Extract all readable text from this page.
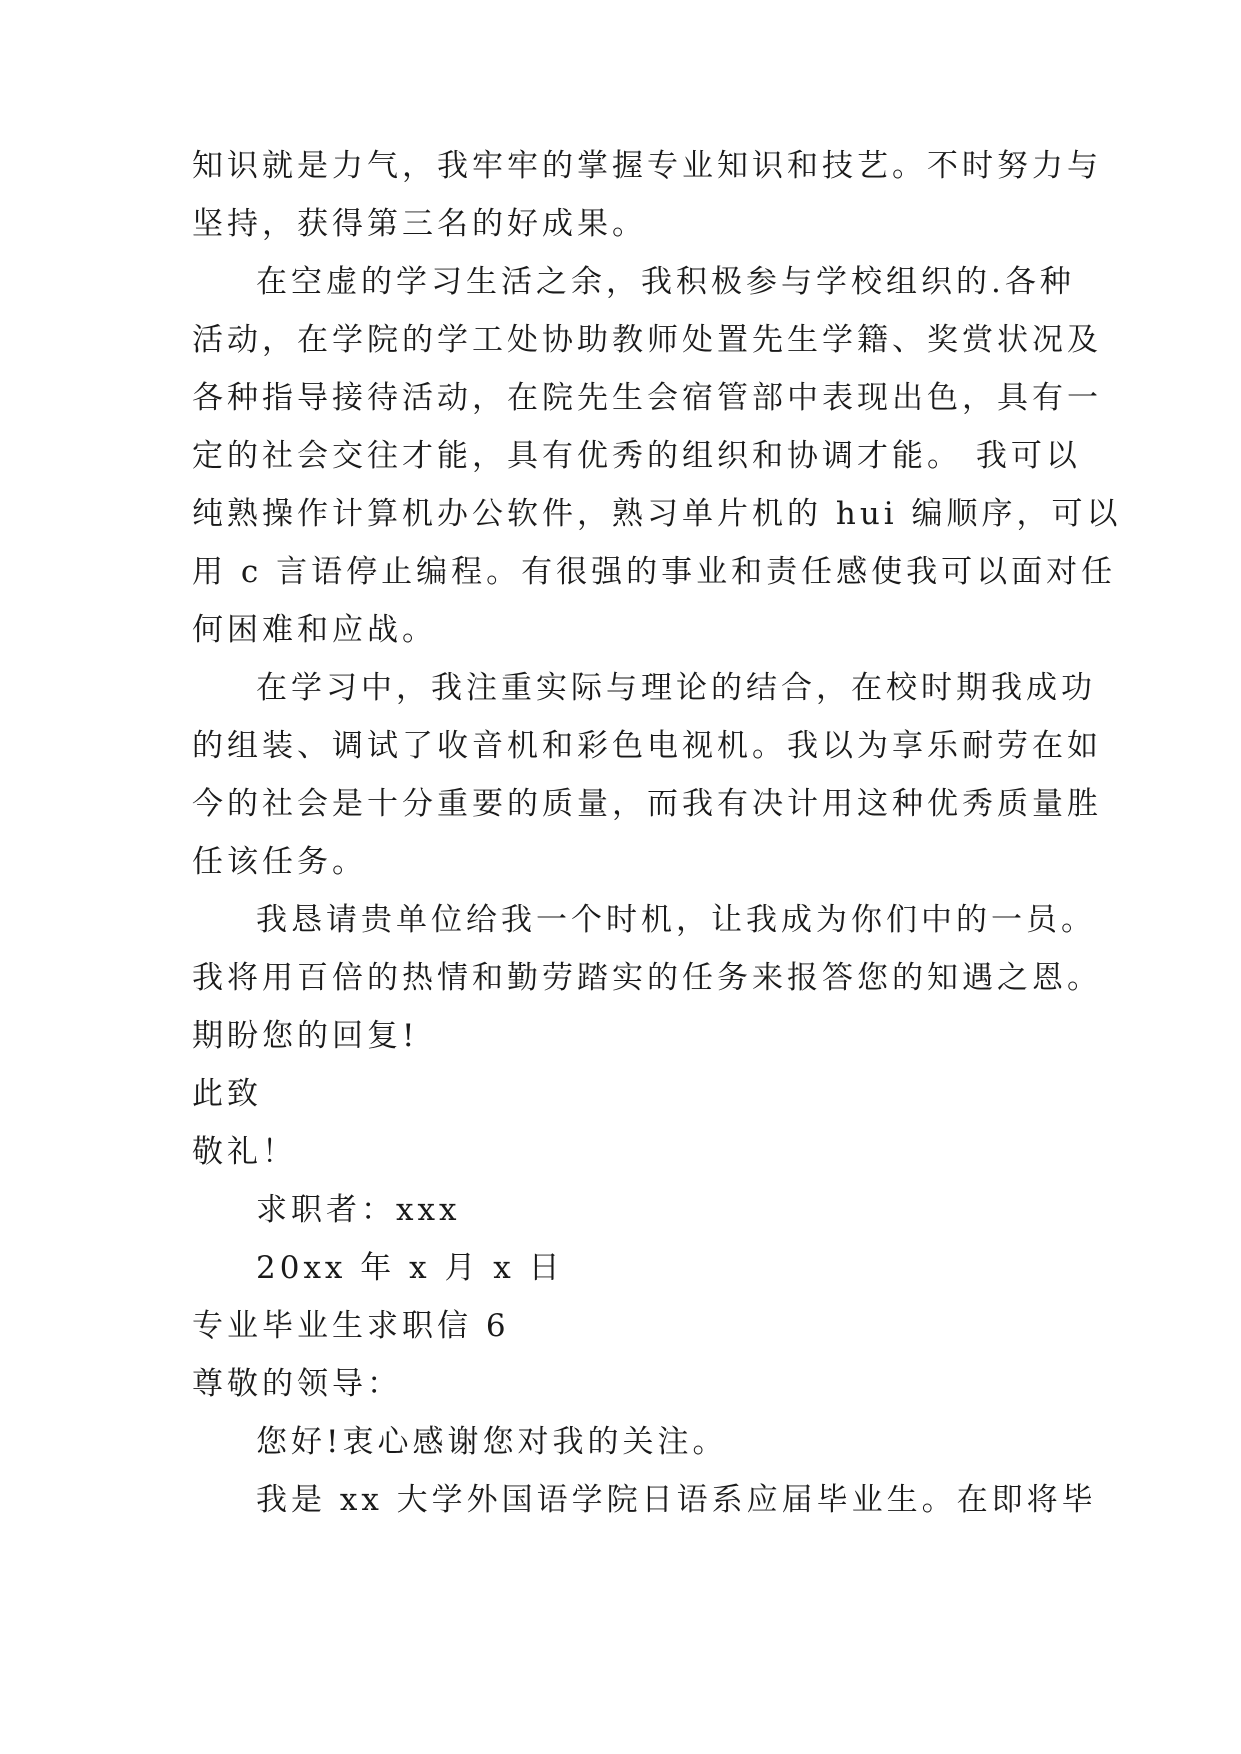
知识就是力气，我牢牢的掌握专业知识和技艺。不时努力与
坚持，获得第三名的好成果。
在空虚的学习生活之余，我积极参与学校组织的.各种
活动，在学院的学工处协助教师处置先生学籍、奖赏状况及
各种指导接待活动，在院先生会宿管部中表现出色，具有一
定的社会交往才能，具有优秀的组织和协调才能。 我可以
纯熟操作计算机办公软件，熟习单片机的 hui 编顺序，可以
用 c 言语停止编程。有很强的事业和责任感使我可以面对任
何困难和应战。
在学习中，我注重实际与理论的结合，在校时期我成功
的组装、调试了收音机和彩色电视机。我以为享乐耐劳在如
今的社会是十分重要的质量，而我有决计用这种优秀质量胜
任该任务。
我恳请贵单位给我一个时机，让我成为你们中的一员。
我将用百倍的热情和勤劳踏实的任务来报答您的知遇之恩。
期盼您的回复!
此致
敬礼！
求职者：xxx
20xx 年 x 月 x 日
专业毕业生求职信 6
尊敬的领导：
您好!衷心感谢您对我的关注。
我是 xx 大学外国语学院日语系应届毕业生。在即将毕
